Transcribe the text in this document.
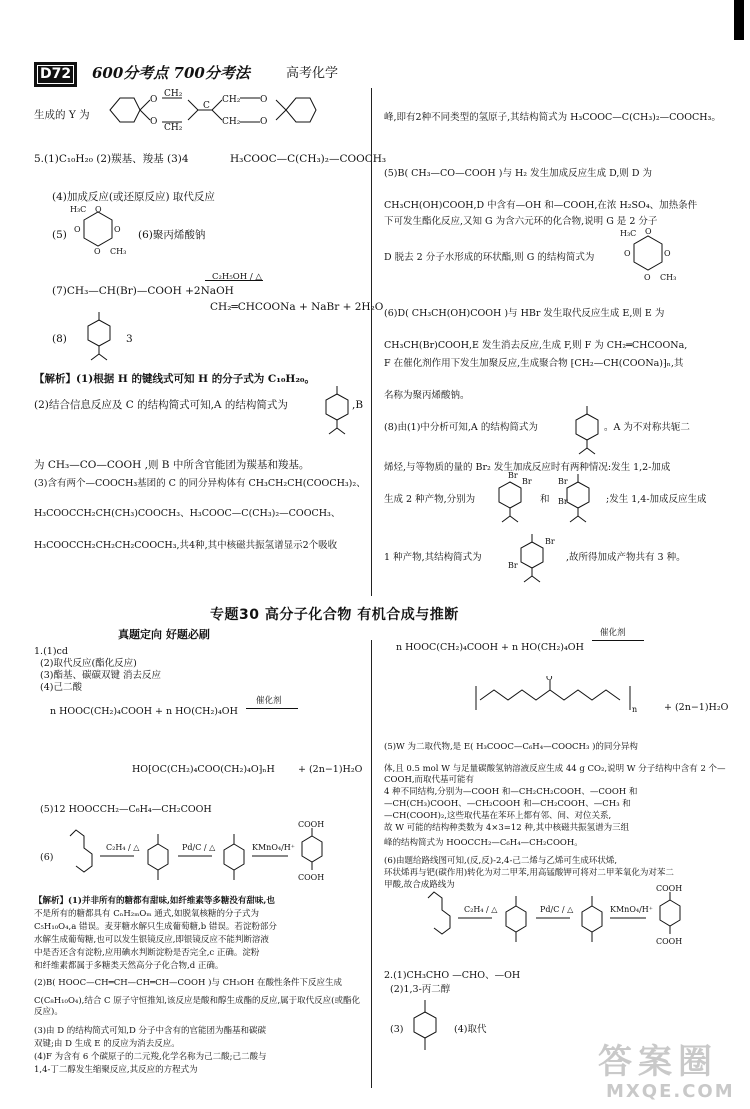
D72	600分考点 700分考法	高考化学
生成的 Y 为
O
O
CH₂
CH₂
CH₂
CH₂
O
O
C
5.(1)C₁₀H₂₀ (2)羰基、羧基 (3)4	H₃COOC—C(CH₃)₂—COOCH₃
(4)加成反应(或还原反应) 取代反应
(5)
H₃C O
O CH₃
O	O (6)聚丙烯酸钠
(7)CH₃—CH(Br)—COOH +2NaOH
C₂H₅OH / △
CH₂═CHCOONa + NaBr + 2H₂O
(8)	3
【解析】(1)根据 H 的键线式可知 H 的分子式为 C₁₀H₂₀。
(2)结合信息反应及 C 的结构简式可知,A 的结构简式为	,B
为 CH₃—CO—COOH ,则 B 中所含官能团为羰基和羧基。
(3)含有两个—COOCH₃基团的 C 的同分异构体有 CH₃CH₂CH(COOCH₃)₂、
H₃COOCCH₂CH(CH₃)COOCH₃、H₃COOC—C(CH₃)₂—COOCH₃、
H₃COOCCH₂CH₂CH₂COOCH₃,共4种,其中核磁共振氢谱显示2个吸收
峰,即有2种不同类型的氢原子,其结构简式为 H₃COOC—C(CH₃)₂—COOCH₃。
(5)B( CH₃—CO—COOH )与 H₂ 发生加成反应生成 D,则 D 为
CH₃CH(OH)COOH,D 中含有—OH 和—COOH,在浓 H₂SO₄、加热条件
下可发生酯化反应,又知 G 为含六元环的化合物,说明 G 是 2 分子
D 脱去 2 分子水形成的环状酯,则 G 的结构简式为
H₃C O
O CH₃
O	O
(6)D( CH₃CH(OH)COOH )与 HBr 发生取代反应生成 E,则 E 为
CH₃CH(Br)COOH,E 发生消去反应,生成 F,则 F 为 CH₂═CHCOONa,
F 在催化剂作用下发生加聚反应,生成聚合物 ⁅CH₂—CH(COONa)⁆ₙ,其
名称为聚丙烯酸钠。
(8)由(1)中分析可知,A 的结构简式为	。A 为不对称共轭二
烯烃,与等物质的量的 Br₂ 发生加成反应时有两种情况:发生 1,2-加成
生成 2 种产物,分别为
Br
Br
和
Br
Br	;发生 1,4-加成反应生成
1 种产物,其结构简式为
Br
Br
,故所得加成产物共有 3 种。
专题30 高分子化合物 有机合成与推断
真题定向 好题必刷
1.(1)cd
(2)取代反应(酯化反应)
(3)酯基、碳碳双键 消去反应
(4)己二酸
n HOOC(CH₂)₄COOH + n HO(CH₂)₄OH
催化剂
HO⁅OC(CH₂)₄COO(CH₂)₄O⁆ₙH + (2n−1)H₂O
(5)12 HOOCCH₂—C₆H₄—CH₂COOH
(6)
C₂H₄ / △	Pd/C / △	KMnO₄/H⁺
COOH
COOH
【解析】(1)并非所有的糖都有甜味,如纤维素等多糖没有甜味,也
不是所有的糖都具有 CₙH₂ₘOₘ 通式,如脱氧核糖的分子式为
C₅H₁₀O₄,a 错误。麦芽糖水解只生成葡萄糖,b 错误。若淀粉部分
水解生成葡萄糖,也可以发生银镜反应,即银镜反应不能判断溶液
中是否还含有淀粉,应用碘水判断淀粉是否完全,c 正确。淀粉
和纤维素都属于多糖类天然高分子化合物,d 正确。
(2)B( HOOC—CH═CH—CH═CH—COOH )与 CH₃OH 在酸性条件下反应生成
C(C₈H₁₀O₄),结合 C 原子守恒推知,该反应是酸和醇生成酯的反应,属于取代反应(或酯化反应)。
(3)由 D 的结构简式可知,D 分子中含有的官能团为酯基和碳碳
双键;由 D 生成 E 的反应为消去反应。
(4)F 为含有 6 个碳原子的二元羧,化学名称为己二酸;己二酸与
1,4-丁二醇发生缩聚反应,其反应的方程式为
n HOOC(CH₂)₄COOH + n HO(CH₂)₄OH
催化剂
O
n	+ (2n−1)H₂O
(5)W 为二取代物,是 E( H₃COOC—C₆H₄—COOCH₃ )的同分异构
体,且 0.5 mol W 与足量碳酸氢钠溶液反应生成 44 g CO₂,说明 W 分子结构中含有 2 个—COOH,而取代基可能有
4 种不同结构,分别为—COOH 和—CH₂CH₂COOH、—COOH 和
—CH(CH₃)COOH、—CH₂COOH 和—CH₂COOH、—CH₃ 和
—CH(COOH)₂,这些取代基在苯环上都有邻、间、对位关系,
故 W 可能的结构种类数为 4×3=12 种,其中核磁共振氢谱为三组
峰的结构简式为 HOOCCH₂—C₆H₄—CH₂COOH。
(6)由题给路线图可知,(反,反)-2,4-己二烯与乙烯可生成环状烯,
环状烯再与钯(碳作用)转化为对二甲苯,用高锰酸钾可将对二甲苯氧化为对苯二
甲酸,故合成路线为
C₂H₄ / △	Pd/C / △	KMnO₄/H⁺
COOH
COOH
2.(1)CH₃CHO —CHO、—OH
(2)1,3-丙二醇
(3)	(4)取代
答案圈
MXQE.COM
